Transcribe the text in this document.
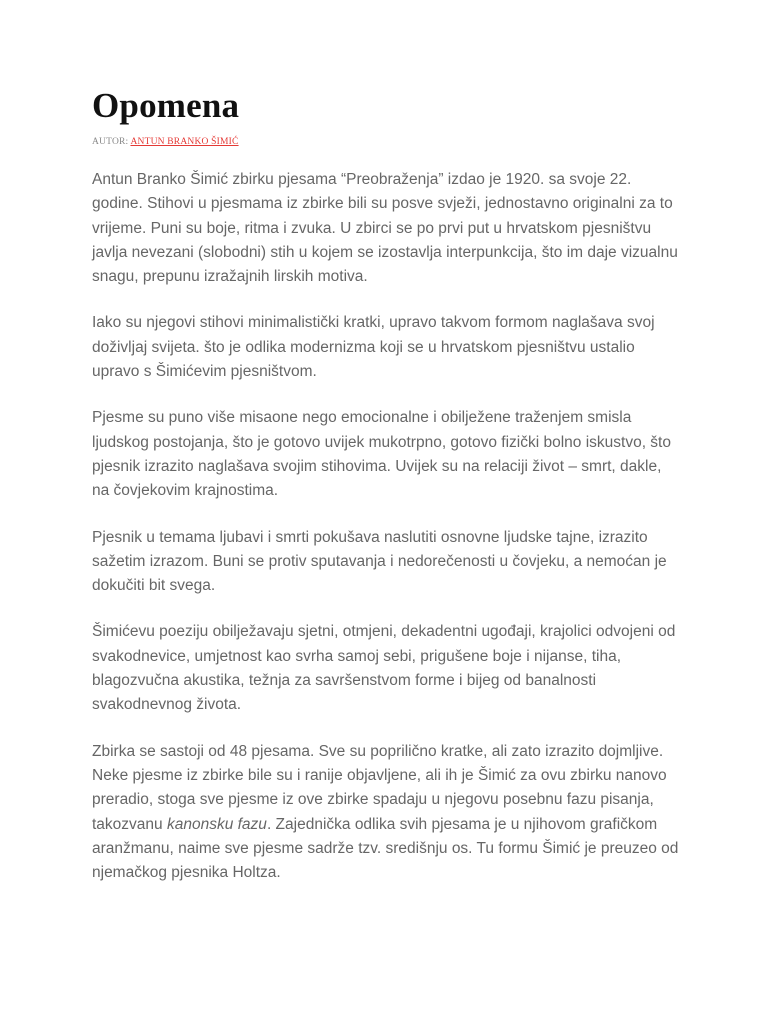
Opomena
AUTOR: ANTUN BRANKO ŠIMIĆ

Antun Branko Šimić zbirku pjesama “Preobraženja” izdao je 1920. sa svoje 22. godine. Stihovi u pjesmama iz zbirke bili su posve svježi, jednostavno originalni za to vrijeme. Puni su boje, ritma i zvuka. U zbirci se po prvi put u hrvatskom pjesništvu javlja nevezani (slobodni) stih u kojem se izostavlja interpunkcija, što im daje vizualnu snagu, prepunu izražajnih lirskih motiva.

Iako su njegovi stihovi minimalistički kratki, upravo takvom formom naglašava svoj doživljaj svijeta. što je odlika modernizma koji se u hrvatskom pjesništvu ustalio upravo s Šimićevim pjesništvom.

Pjesme su puno više misaone nego emocionalne i obilježene traženjem smisla ljudskog postojanja, što je gotovo uvijek mukotrpno, gotovo fizički bolno iskustvo, što pjesnik izrazito naglašava svojim stihovima. Uvijek su na relaciji život – smrt, dakle, na čovjekovim krajnostima.

Pjesnik u temama ljubavi i smrti pokušava naslutiti osnovne ljudske tajne, izrazito sažetim izrazom. Buni se protiv sputavanja i nedorečenosti u čovjeku, a nemoćan je dokučiti bit svega.

Šimićevu poeziju obilježavaju sjetni, otmjeni, dekadentni ugođaji, krajolici odvojeni od svakodnevice, umjetnost kao svrha samoj sebi, prigušene boje i nijanse, tiha, blagozvučna akustika, težnja za savršenstvom forme i bijeg od banalnosti svakodnevnog života.

Zbirka se sastoji od 48 pjesama. Sve su poprilično kratke, ali zato izrazito dojmljive. Neke pjesme iz zbirke bile su i ranije objavljene, ali ih je Šimić za ovu zbirku nanovo preradio, stoga sve pjesme iz ove zbirke spadaju u njegovu posebnu fazu pisanja, takozvanu kanonsku fazu. Zajednička odlika svih pjesama je u njihovom grafičkom aranžmanu, naime sve pjesme sadrže tzv. središnju os. Tu formu Šimić je preuzeo od njemačkog pjesnika Holtza.
